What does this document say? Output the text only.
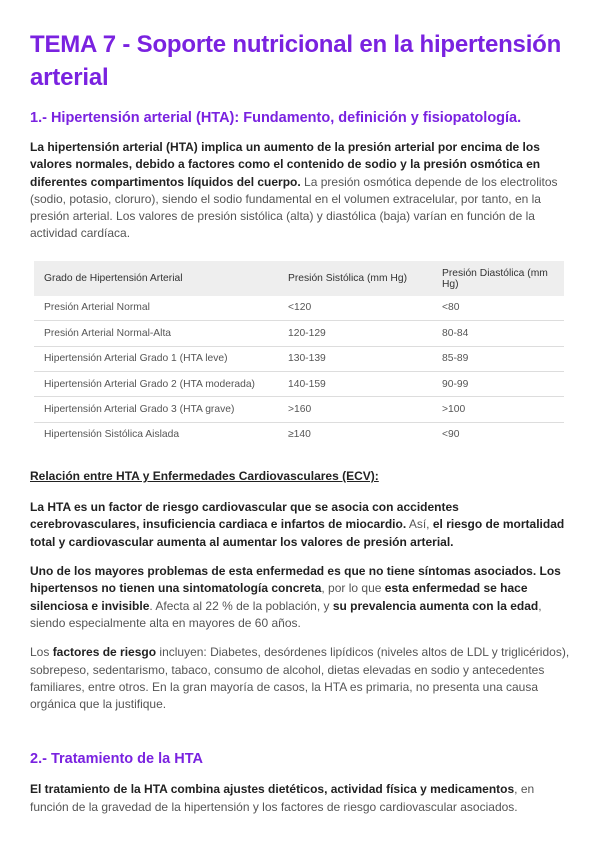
TEMA 7 - Soporte nutricional en la hipertensión arterial
1.- Hipertensión arterial (HTA): Fundamento, definición y fisiopatología.

La hipertensión arterial (HTA) implica un aumento de la presión arterial por encima de los valores normales, debido a factores como el contenido de sodio y la presión osmótica en diferentes compartimentos líquidos del cuerpo. La presión osmótica depende de los electrolitos (sodio, potasio, cloruro), siendo el sodio fundamental en el volumen extracelular, por tanto, en la presión arterial. Los valores de presión sistólica (alta) y diastólica (baja) varían en función de la actividad cardíaca.

Grado de Hipertensión Arterial	Presión Sistólica (mm Hg)	Presión Diastólica (mm Hg)
Presión Arterial Normal	<120	<80
Presión Arterial Normal-Alta	120-129	80-84
Hipertensión Arterial Grado 1 (HTA leve)	130-139	85-89
Hipertensión Arterial Grado 2 (HTA moderada)	140-159	90-99
Hipertensión Arterial Grado 3 (HTA grave)	>160	>100
Hipertensión Sistólica Aislada	≥140	<90
Relación entre HTA y Enfermedades Cardiovasculares (ECV):

La HTA es un factor de riesgo cardiovascular que se asocia con accidentes cerebrovasculares, insuficiencia cardiaca e infartos de miocardio. Así, el riesgo de mortalidad total y cardiovascular aumenta al aumentar los valores de presión arterial.

Uno de los mayores problemas de esta enfermedad es que no tiene síntomas asociados. Los hipertensos no tienen una sintomatología concreta, por lo que esta enfermedad se hace silenciosa e invisible. Afecta al 22 % de la población, y su prevalencia aumenta con la edad, siendo especialmente alta en mayores de 60 años.

Los factores de riesgo incluyen: Diabetes, desórdenes lipídicos (niveles altos de LDL y triglicéridos), sobrepeso, sedentarismo, tabaco, consumo de alcohol, dietas elevadas en sodio y antecedentes familiares, entre otros. En la gran mayoría de casos, la HTA es primaria, no presenta una causa orgánica que la justifique.

2.- Tratamiento de la HTA

El tratamiento de la HTA combina ajustes dietéticos, actividad física y medicamentos, en función de la gravedad de la hipertensión y los factores de riesgo cardiovascular asociados.
